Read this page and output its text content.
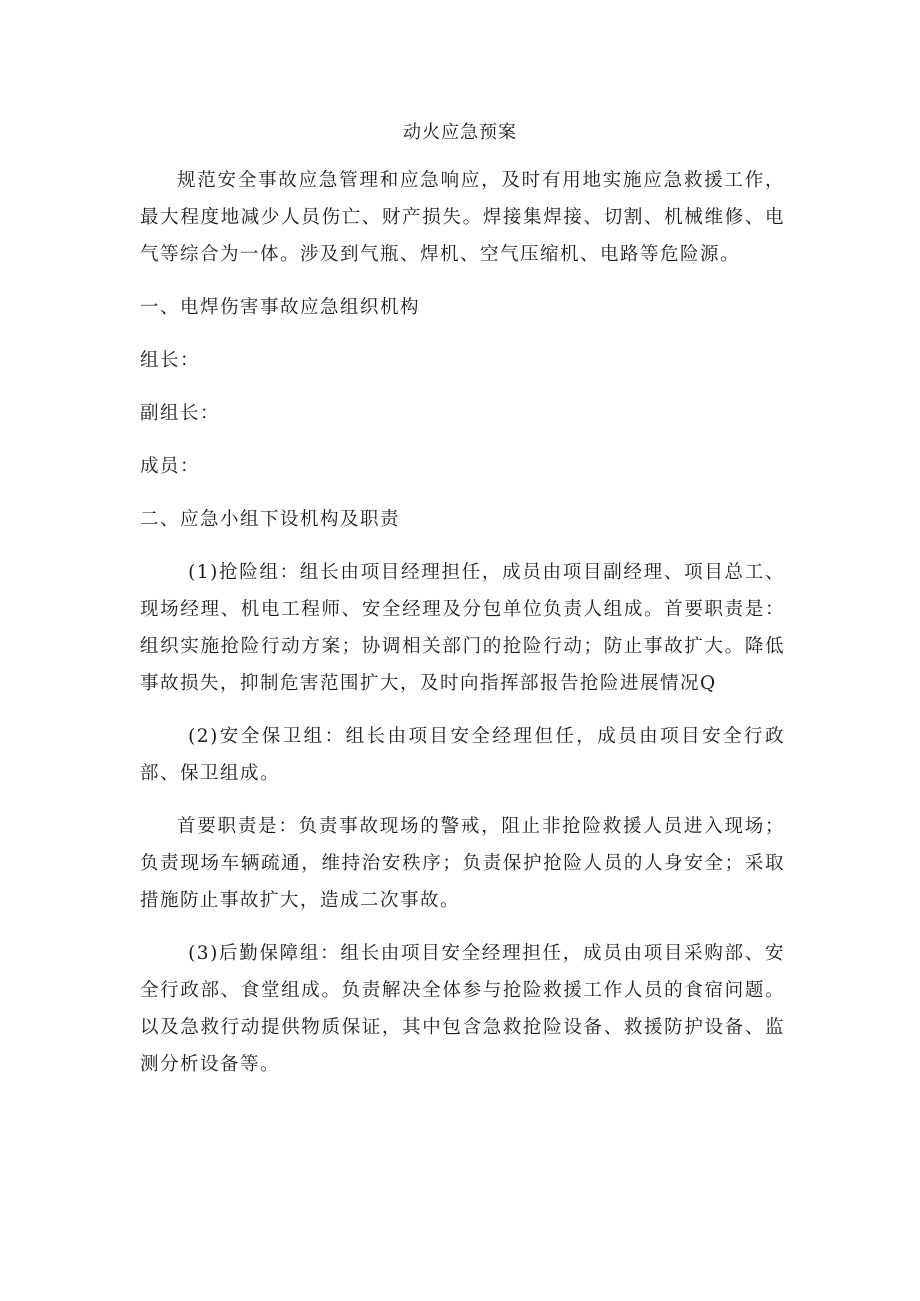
动火应急预案

规范安全事故应急管理和应急响应，及时有用地实施应急救援工作，最大程度地减少人员伤亡、财产损失。焊接集焊接、切割、机械维修、电气等综合为一体。涉及到气瓶、焊机、空气压缩机、电路等危险源。

一、电焊伤害事故应急组织机构

组长：

副组长：

成员：

二、应急小组下设机构及职责

(1)抢险组：组长由项目经理担任，成员由项目副经理、项目总工、现场经理、机电工程师、安全经理及分包单位负责人组成。首要职责是：组织实施抢险行动方案；协调相关部门的抢险行动；防止事故扩大。降低事故损失，抑制危害范围扩大，及时向指挥部报告抢险进展情况Q

(2)安全保卫组：组长由项目安全经理但任，成员由项目安全行政部、保卫组成。

首要职责是：负责事故现场的警戒，阻止非抢险救援人员进入现场；负责现场车辆疏通，维持治安秩序；负责保护抢险人员的人身安全；采取措施防止事故扩大，造成二次事故。

(3)后勤保障组：组长由项目安全经理担任，成员由项目采购部、安全行政部、食堂组成。负责解决全体参与抢险救援工作人员的食宿问题。以及急救行动提供物质保证，其中包含急救抢险设备、救援防护设备、监测分析设备等。
